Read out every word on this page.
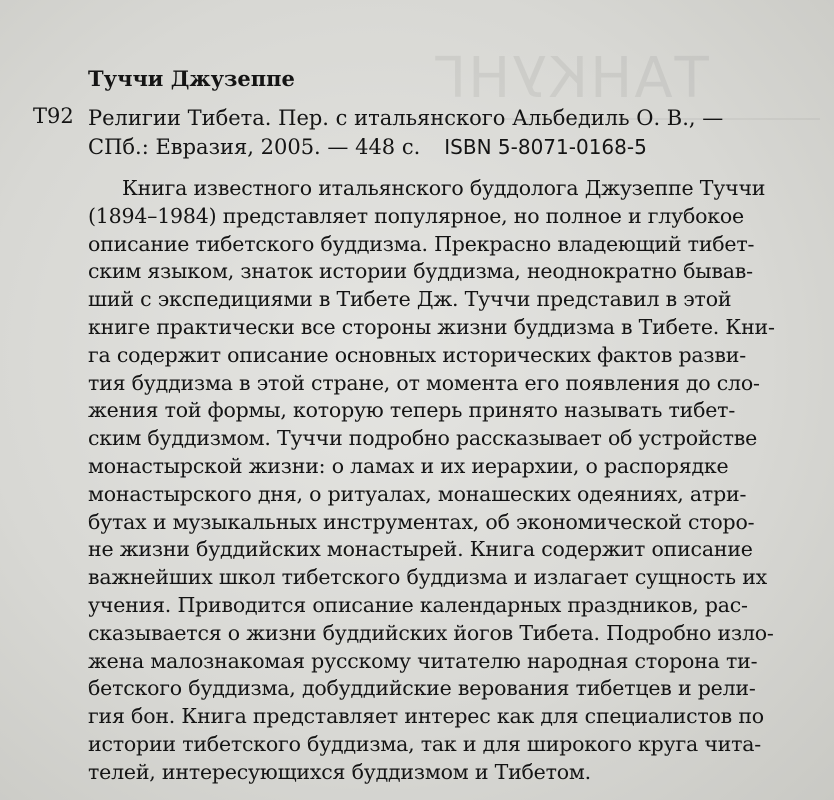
ТАНКУНГ
Туччи Джузеппе
Т92 Религии Тибета. Пер. с итальянского Альбедиль О. В., —
СПб.: Евразия, 2005. — 448 с. ISBN 5-8071-0168-5
Книга известного итальянского буддолога Джузеппе Туччи
(1894–1984) представляет популярное, но полное и глубокое
описание тибетского буддизма. Прекрасно владеющий тибет-
ским языком, знаток истории буддизма, неоднократно бывав-
ший с экспедициями в Тибете Дж. Туччи представил в этой
книге практически все стороны жизни буддизма в Тибете. Кни-
га содержит описание основных исторических фактов разви-
тия буддизма в этой стране, от момента его появления до сло-
жения той формы, которую теперь принято называть тибет-
ским буддизмом. Туччи подробно рассказывает об устройстве
монастырской жизни: о ламах и их иерархии, о распорядке
монастырского дня, о ритуалах, монашеских одеяниях, атри-
бутах и музыкальных инструментах, об экономической сторо-
не жизни буддийских монастырей. Книга содержит описание
важнейших школ тибетского буддизма и излагает сущность их
учения. Приводится описание календарных праздников, рас-
сказывается о жизни буддийских йогов Тибета. Подробно изло-
жена малознакомая русскому читателю народная сторона ти-
бетского буддизма, добуддийские верования тибетцев и рели-
гия бон. Книга представляет интерес как для специалистов по
истории тибетского буддизма, так и для широкого круга чита-
телей, интересующихся буддизмом и Тибетом.
